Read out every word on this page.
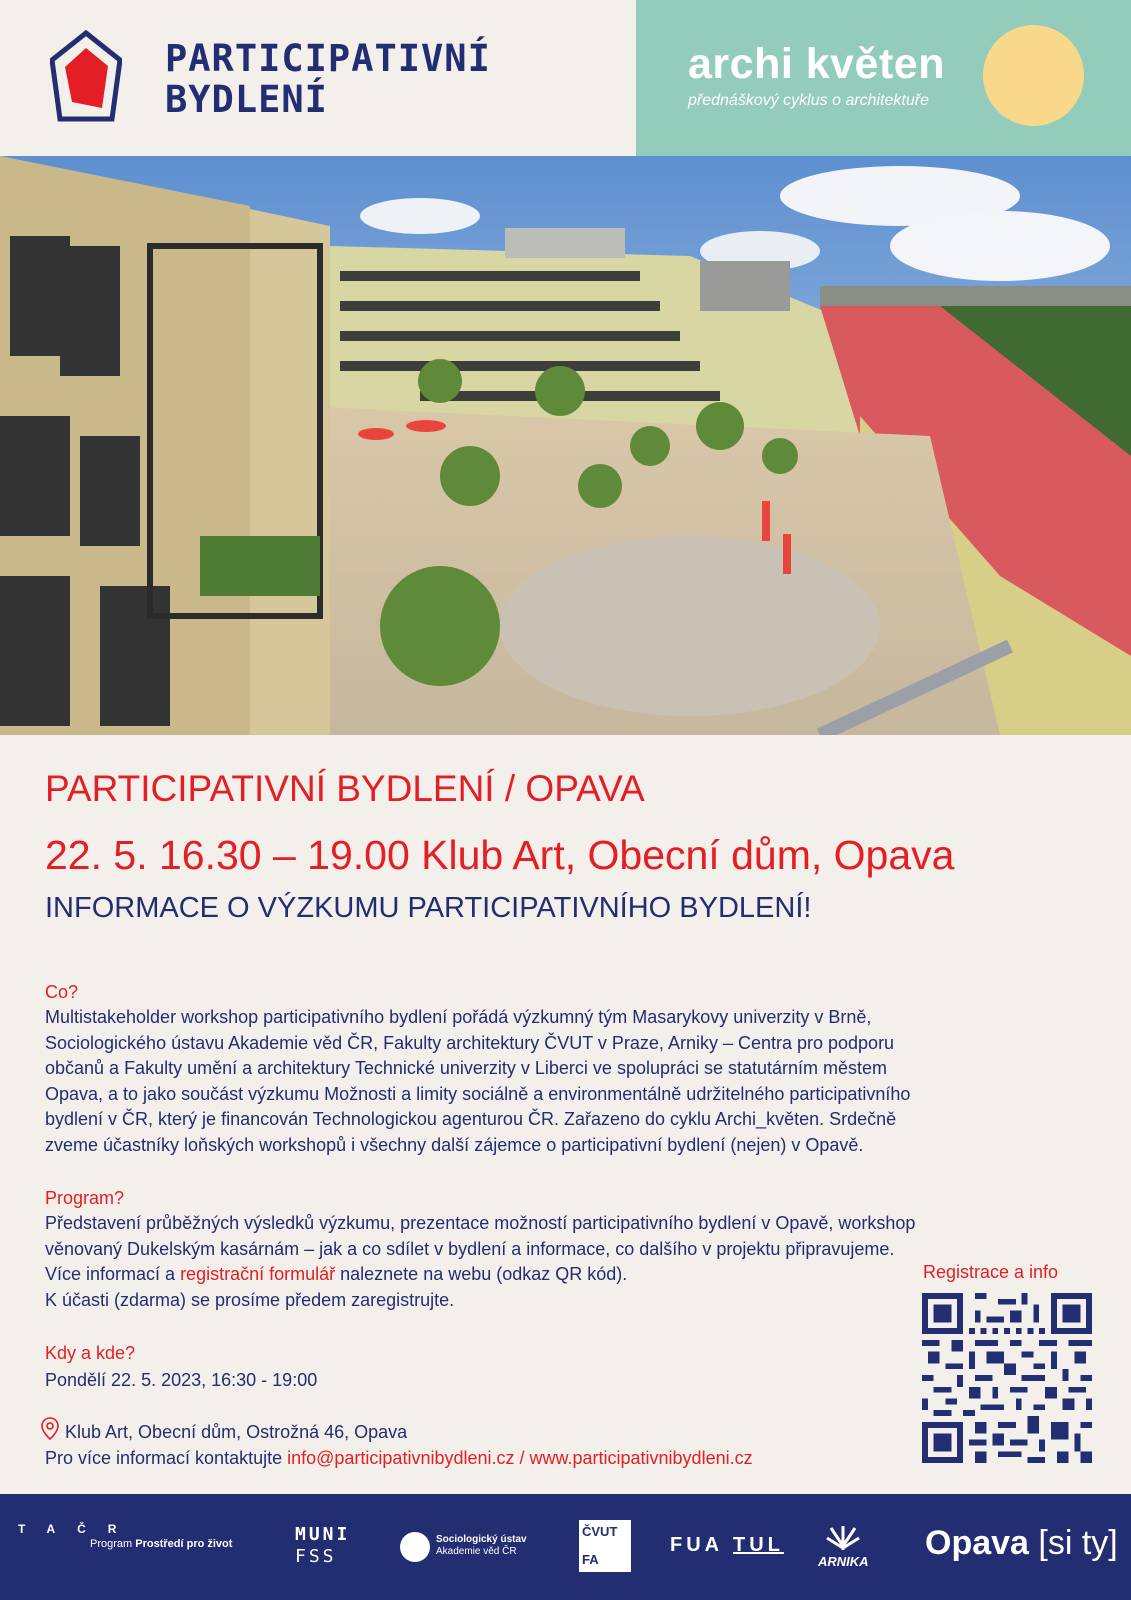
PARTICIPATIVNÍ
BYDLENÍ
archi květen
přednáškový cyklus o architektuře
PARTICIPATIVNÍ BYDLENÍ / OPAVA
22. 5. 16.30 – 19.00 Klub Art, Obecní dům, Opava
INFORMACE O VÝZKUMU PARTICIPATIVNÍHO BYDLENÍ!
Co?
Multistakeholder workshop participativního bydlení pořádá výzkumný tým Masarykovy univerzity v Brně,
Sociologického ústavu Akademie věd ČR, Fakulty architektury ČVUT v Praze, Arniky – Centra pro podporu
občanů a Fakulty umění a architektury Technické univerzity v Liberci ve spolupráci se statutárním městem
Opava, a to jako součást výzkumu Možnosti a limity sociálně a environmentálně udržitelného participativního
bydlení v ČR, který je financován Technologickou agenturou ČR. Zařazeno do cyklu Archi_květen. Srdečně
zveme účastníky loňských workshopů i všechny další zájemce o participativní bydlení (nejen) v Opavě.
Program?
Představení průběžných výsledků výzkumu, prezentace možností participativního bydlení v Opavě, workshop
věnovaný Dukelským kasárnám – jak a co sdílet v bydlení a informace, co dalšího v projektu připravujeme.
Více informací a registrační formulář naleznete na webu (odkaz QR kód).
K účasti (zdarma) se prosíme předem zaregistrujte.
Kdy a kde?
Pondělí 22. 5. 2023, 16:30 - 19:00
Klub Art, Obecní dům, Ostrožná 46, Opava
Pro více informací kontaktujte info@participativnibydleni.cz / www.participativnibydleni.cz
Registrace a info
TAČR
Program Prostředí pro život	MUNI
FSS
Sociologický ústav
Akademie věd ČR
ČVUT
FA
FUA TUL
ARNIKA Opava [si ty]
